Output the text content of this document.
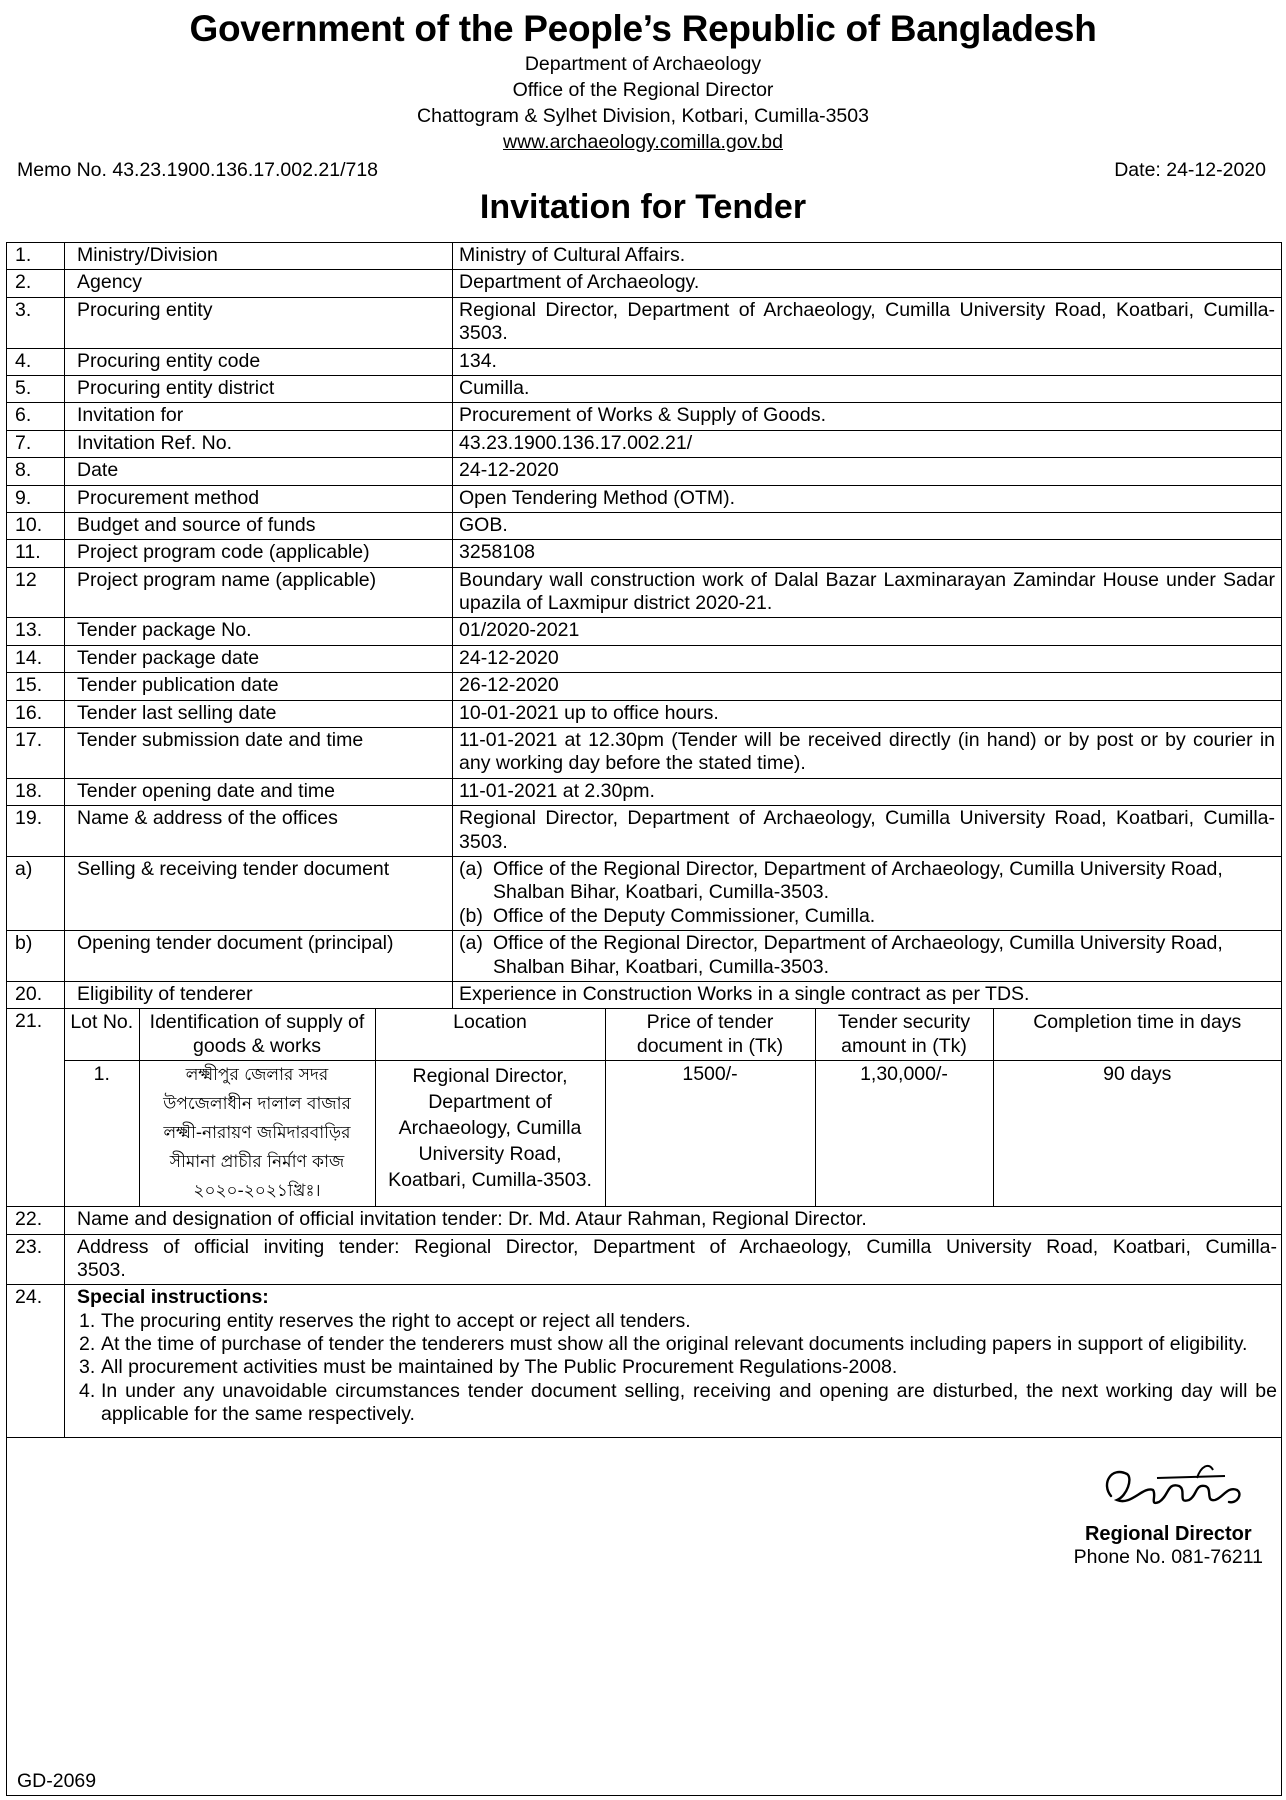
Government of the People’s Republic of Bangladesh
Department of Archaeology
Office of the Regional Director
Chattogram & Sylhet Division, Kotbari, Cumilla-3503
www.archaeology.comilla.gov.bd
Memo No. 43.23.1900.136.17.002.21/718	Date: 24-12-2020
Invitation for Tender
1.	Ministry/Division	Ministry of Cultural Affairs.
2.	Agency	Department of Archaeology.
3.	Procuring entity	Regional Director, Department of Archaeology, Cumilla University Road, Koatbari, Cumilla-3503.
4.	Procuring entity code	134.
5.	Procuring entity district	Cumilla.
6.	Invitation for	Procurement of Works & Supply of Goods.
7.	Invitation Ref. No.	43.23.1900.136.17.002.21/
8.	Date	24-12-2020
9.	Procurement method	Open Tendering Method (OTM).
10.	Budget and source of funds	GOB.
11.	Project program code (applicable)	3258108
12	Project program name (applicable)	Boundary wall construction work of Dalal Bazar Laxminarayan Zamindar House under Sadar upazila of Laxmipur district 2020-21.
13.	Tender package No.	01/2020-2021
14.	Tender package date	24-12-2020
15.	Tender publication date	26-12-2020
16.	Tender last selling date	10-01-2021 up to office hours.
17.	Tender submission date and time	11-01-2021 at 12.30pm (Tender will be received directly (in hand) or by post or by courier in any working day before the stated time).
18.	Tender opening date and time	11-01-2021 at 2.30pm.
19.	Name & address of the offices	Regional Director, Department of Archaeology, Cumilla University Road, Koatbari, Cumilla-3503.
a)	Selling & receiving tender document	(a) Office of the Regional Director, Department of Archaeology, Cumilla University Road, Shalban Bihar, Koatbari, Cumilla-3503.
(b) Office of the Deputy Commissioner, Cumilla.

b)	Opening tender document (principal)	(a) Office of the Regional Director, Department of Archaeology, Cumilla University Road, Shalban Bihar, Koatbari, Cumilla-3503.

20.	Eligibility of tenderer	Experience in Construction Works in a single contract as per TDS.
21.	Lot No.	Identification of supply of goods & works	Location	Price of tender document in (Tk)	Tender security amount in (Tk)	Completion time in days
1.	লক্ষ্মীপুর জেলার সদর উপজেলাধীন দালাল বাজার লক্ষ্মী-নারায়ণ জমিদারবাড়ির সীমানা প্রাচীর নির্মাণ কাজ ২০২০-২০২১খ্রিঃ।	Regional Director, Department of Archaeology, Cumilla University Road, Koatbari, Cumilla-3503.	1500/-	1,30,000/-	90 days

22.	Name and designation of official invitation tender: Dr. Md. Ataur Rahman, Regional Director.
23.	Address of official inviting tender: Regional Director, Department of Archaeology, Cumilla University Road, Koatbari, Cumilla-3503.
24.	Special instructions:
1. The procuring entity reserves the right to accept or reject all tenders.
2. At the time of purchase of tender the tenderers must show all the original relevant documents including papers in support of eligibility.
3. All procurement activities must be maintained by The Public Procurement Regulations-2008.
4. In under any unavoidable circumstances tender document selling, receiving and opening are disturbed, the next working day will be applicable for the same respectively.
Regional Director
Phone No. 081-76211
GD-2069
